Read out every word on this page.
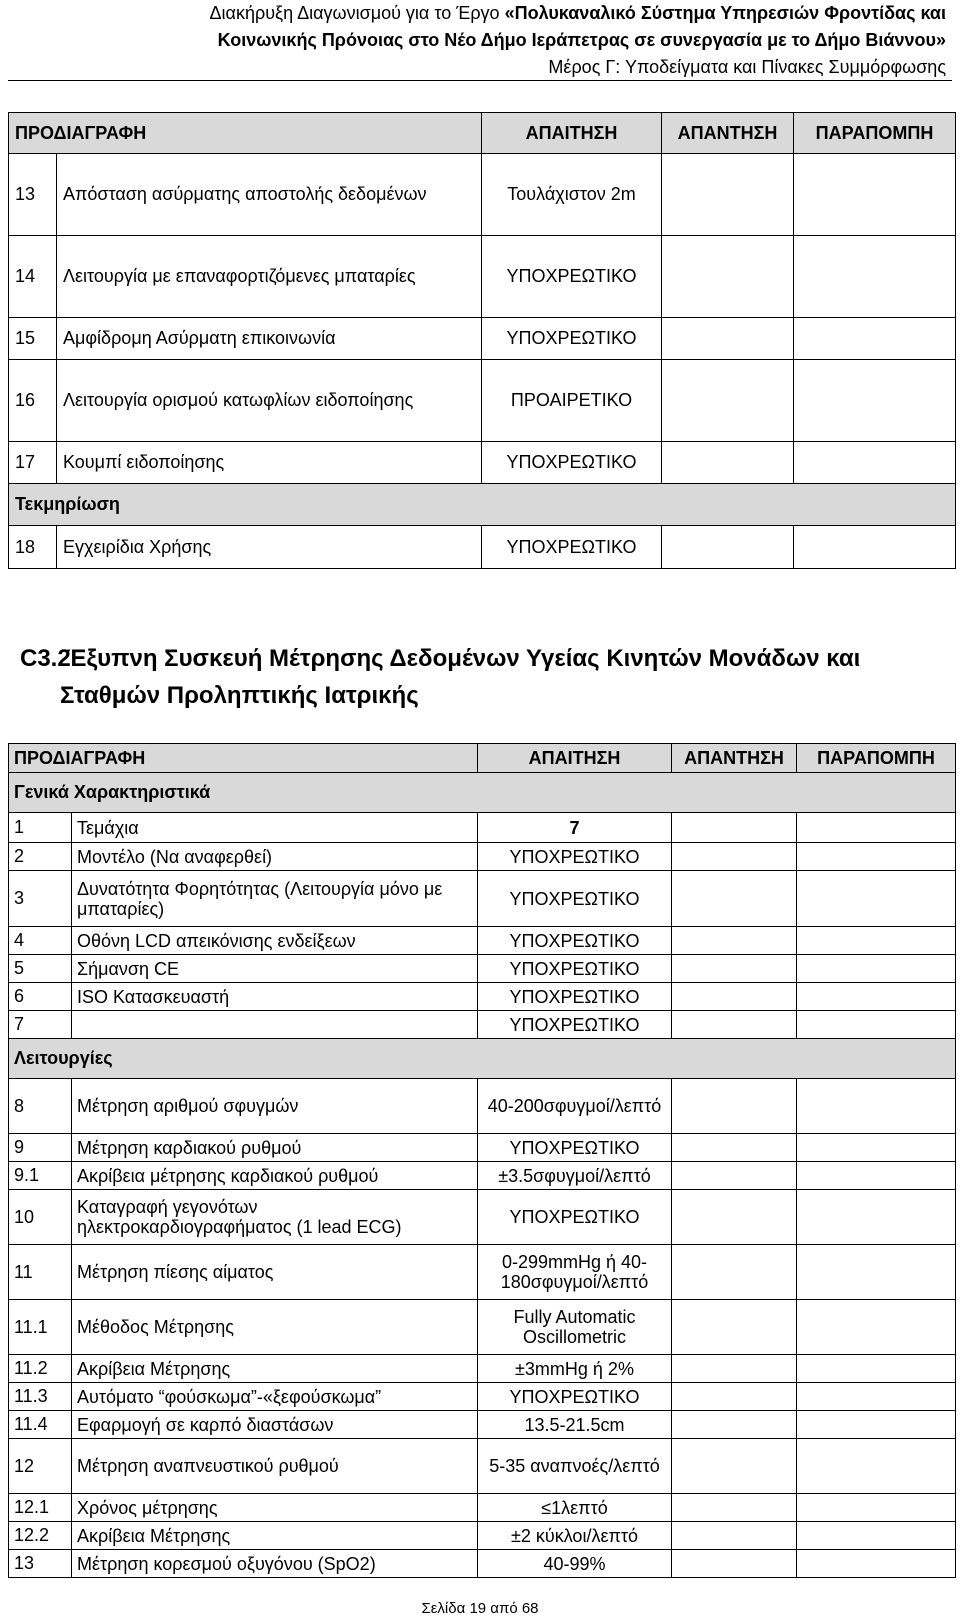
Διακήρυξη Διαγωνισμού για το Έργο «Πολυκαναλικό Σύστημα Υπηρεσιών Φροντίδας και
Κοινωνικής Πρόνοιας στο Νέο Δήμο Ιεράπετρας σε συνεργασία με το Δήμο Βιάννου»
Μέρος Γ: Υποδείγματα και Πίνακες Συμμόρφωσης
ΠΡΟΔΙΑΓΡΑΦΗ		ΑΠΑΙΤΗΣΗ	ΑΠΑΝΤΗΣΗ	ΠΑΡΑΠΟΜΠΗ
13	Απόσταση ασύρματης αποστολής δεδομένων	Τουλάχιστον 2m		
14	Λειτουργία με επαναφορτιζόμενες μπαταρίες	ΥΠΟΧΡΕΩΤΙΚΟ		
15	Αμφίδρομη Ασύρματη επικοινωνία	ΥΠΟΧΡΕΩΤΙΚΟ		
16	Λειτουργία ορισμού κατωφλίων ειδοποίησης	ΠΡΟΑΙΡΕΤΙΚΟ		
17	Κουμπί ειδοποίησης	ΥΠΟΧΡΕΩΤΙΚΟ		
Τεκμηρίωση				
18	Εγχειρίδια Χρήσης	ΥΠΟΧΡΕΩΤΙΚΟ		
C3.2Έξυπνη Συσκευή Μέτρησης Δεδομένων Υγείας Κινητών Μονάδων και
Σταθμών Προληπτικής Ιατρικής
ΠΡΟΔΙΑΓΡΑΦΗ		ΑΠΑΙΤΗΣΗ	ΑΠΑΝΤΗΣΗ	ΠΑΡΑΠΟΜΠΗ
Γενικά Χαρακτηριστικά				
1	Τεμάχια	7		
2	Μοντέλο (Να αναφερθεί)	ΥΠΟΧΡΕΩΤΙΚΟ		
3	Δυνατότητα Φορητότητας (Λειτουργία μόνο με μπαταρίες)	ΥΠΟΧΡΕΩΤΙΚΟ		
4	Οθόνη LCD απεικόνισης ενδείξεων	ΥΠΟΧΡΕΩΤΙΚΟ		
5	Σήμανση CE	ΥΠΟΧΡΕΩΤΙΚΟ		
6	ISO Κατασκευαστή	ΥΠΟΧΡΕΩΤΙΚΟ		
7		ΥΠΟΧΡΕΩΤΙΚΟ		
Λειτουργίες				
8	Μέτρηση αριθμού σφυγμών	40-200σφυγμοί/λεπτό		
9	Μέτρηση καρδιακού ρυθμού	ΥΠΟΧΡΕΩΤΙΚΟ		
9.1	Ακρίβεια μέτρησης καρδιακού ρυθμού	±3.5σφυγμοί/λεπτό		
10	Καταγραφή γεγονότων ηλεκτροκαρδιογραφήματος (1 lead ECG)	ΥΠΟΧΡΕΩΤΙΚΟ		
11	Μέτρηση πίεσης αίματος	0-299mmHg ή 40-180σφυγμοί/λεπτό		
11.1	Μέθοδος Μέτρησης	Fully Automatic Oscillometric		
11.2	Ακρίβεια Μέτρησης	±3mmHg ή 2%		
11.3	Αυτόματο “φούσκωμα”-«ξεφούσκωμα”	ΥΠΟΧΡΕΩΤΙΚΟ		
11.4	Εφαρμογή σε καρπό διαστάσων	13.5-21.5cm		
12	Μέτρηση αναπνευστικού ρυθμού	5-35 αναπνοές/λεπτό		
12.1	Χρόνος μέτρησης	≤1λεπτό		
12.2	Ακρίβεια Μέτρησης	±2 κύκλοι/λεπτό		
13	Μέτρηση κορεσμού οξυγόνου (SpO2)	40-99%		
Σελίδα 19 από 68
